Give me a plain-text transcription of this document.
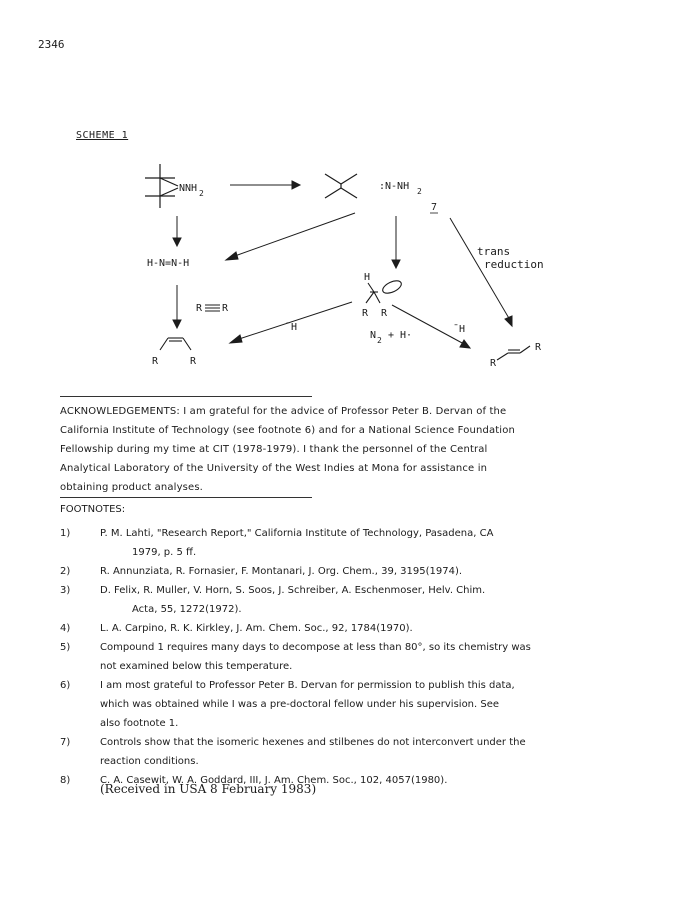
2346
SCHEME 1
NNH 2
:N-NH 2
7
H-N=N-H
trans
reduction
H
R R
N 2 + H·
R R
R	R
¯H	¯H
R
R
ACKNOWLEDGEMENTS: I am grateful for the advice of Professor Peter B. Dervan of the
California Institute of Technology (see footnote 6) and for a National Science Foundation
Fellowship during my time at CIT (1978-1979). I thank the personnel of the Central
Analytical Laboratory of the University of the West Indies at Mona for assistance in
obtaining product analyses.
FOOTNOTES:
1)	P. M. Lahti, "Research Report," California Institute of Technology, Pasadena, CA
1979, p. 5 ff.
2)	R. Annunziata, R. Fornasier, F. Montanari, J. Org. Chem., 39, 3195(1974).
3)	D. Felix, R. Muller, V. Horn, S. Soos, J. Schreiber, A. Eschenmoser, Helv. Chim.
Acta, 55, 1272(1972).
4)	L. A. Carpino, R. K. Kirkley, J. Am. Chem. Soc., 92, 1784(1970).
5)	Compound 1 requires many days to decompose at less than 80°, so its chemistry was
not examined below this temperature.
6)	I am most grateful to Professor Peter B. Dervan for permission to publish this data,
which was obtained while I was a pre-doctoral fellow under his supervision. See
also footnote 1.
7)	Controls show that the isomeric hexenes and stilbenes do not interconvert under the
reaction conditions.
8)	C. A. Casewit, W. A. Goddard, III, J. Am. Chem. Soc., 102, 4057(1980).
(Received in USA 8 February 1983)
